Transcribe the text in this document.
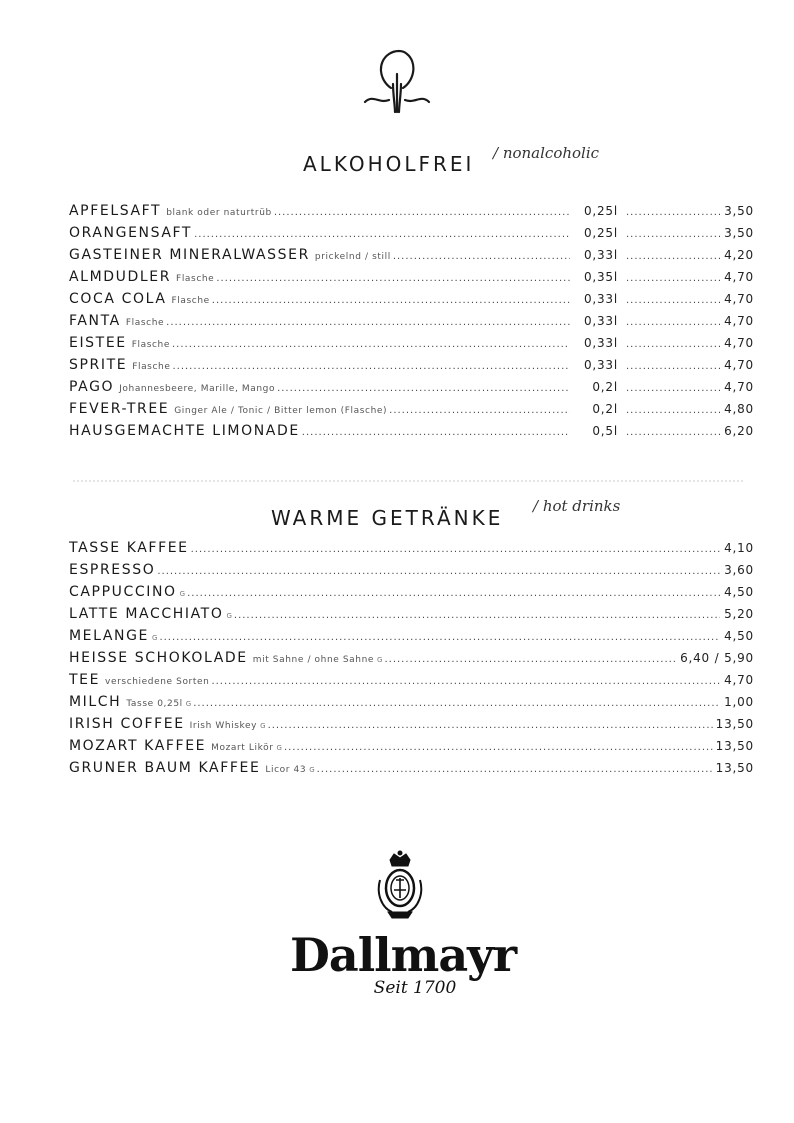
ALKOHOLFREI / nonalcoholic
APFELSAFT blank oder naturtrüb .....	0,25l .....	3,50
ORANGENSAFT .....	0,25l .....	3,50
GASTEINER MINERALWASSER prickelnd / still .....	0,33l .....	4,20
ALMDUDLER Flasche .....	0,35l .....	4,70
COCA COLA Flasche .....	0,33l .....	4,70
FANTA Flasche .....	0,33l .....	4,70
EISTEE Flasche .....	0,33l .....	4,70
SPRITE Flasche .....	0,33l .....	4,70
PAGO Johannesbeere, Marille, Mango .....	0,2l .....	4,70
FEVER-TREE Ginger Ale / Tonic / Bitter lemon (Flasche) .....	0,2l .....	4,80
HAUSGEMACHTE LIMONADE .....	0,5l .....	6,20
WARME GETRÄNKE / hot drinks
TASSE KAFFEE .....	4,10
ESPRESSO .....	3,60
CAPPUCCINO G .....	4,50
LATTE MACCHIATO G .....	5,20
MELANGE G .....	4,50
HEISSE SCHOKOLADE mit Sahne / ohne Sahne G .....	6,40 / 5,90
TEE verschiedene Sorten .....	4,70
MILCH Tasse 0,25l G .....	1,00
IRISH COFFEE Irish Whiskey G .....	13,50
MOZART KAFFEE Mozart Likör G .....	13,50
GRÜNER BAUM KAFFEE Licor 43 G .....	13,50
Dallmayr
Seit 1700
